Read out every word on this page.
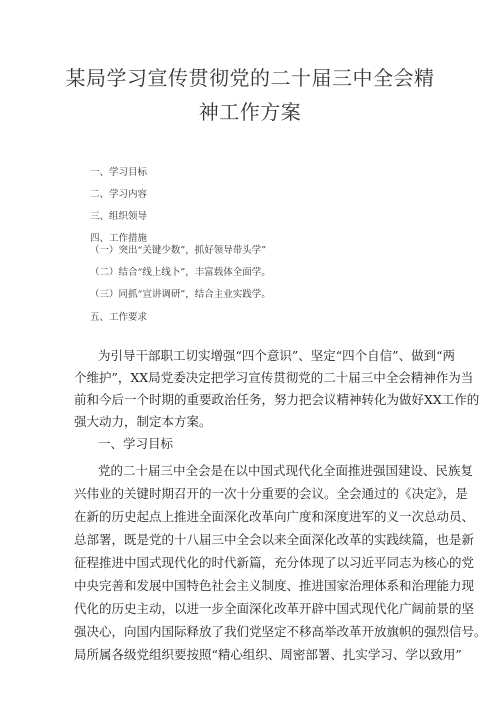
某局学习宣传贯彻党的二十届三中全会精
神工作方案
一、学习目标
二、学习内容
三、组织领导
四、工作措施
（一）突出“关键少数”，抓好领导带头学”
（二）结合“线上线卜”，丰富载体全面学。
（三）同抓“宣讲调研”，结合主业实践学。
五、工作要求
为引导干部职工切实增强“四个意识”、坚定“四个自信”、做到“两
个维护”，XX局党委决定把学习宣传贯彻党的二十届三中全会精神作为当
前和今后一个时期的重要政治任务，努力把会议精神转化为做好XX工作的
强大动力，制定本方案。
一、学习目标
党的二十届三中全会是在以中国式现代化全面推进强国建设、民族复
兴伟业的关键时期召开的一次十分重要的会议。全会通过的《决定》，是
在新的历史起点上推进全面深化改革向广度和深度进军的义一次总动员、
总部署，既是党的十八届三中全会以来全面深化改革的实践续篇，也是新
征程推进中国式现代化的时代新篇，充分体现了以习近平同志为核心的党
中央完善和发展中国特色社会主义制度、推进国家治理体系和治理能力现
代化的历史主动，以进一步全面深化改革开辟中国式现代化广阔前景的坚
强决心，向国内国际释放了我们党坚定不移高举改革开放旗帜的强烈信号。
局所属各级党组织要按照“精心组织、周密部署、扎实学习、学以致用”
